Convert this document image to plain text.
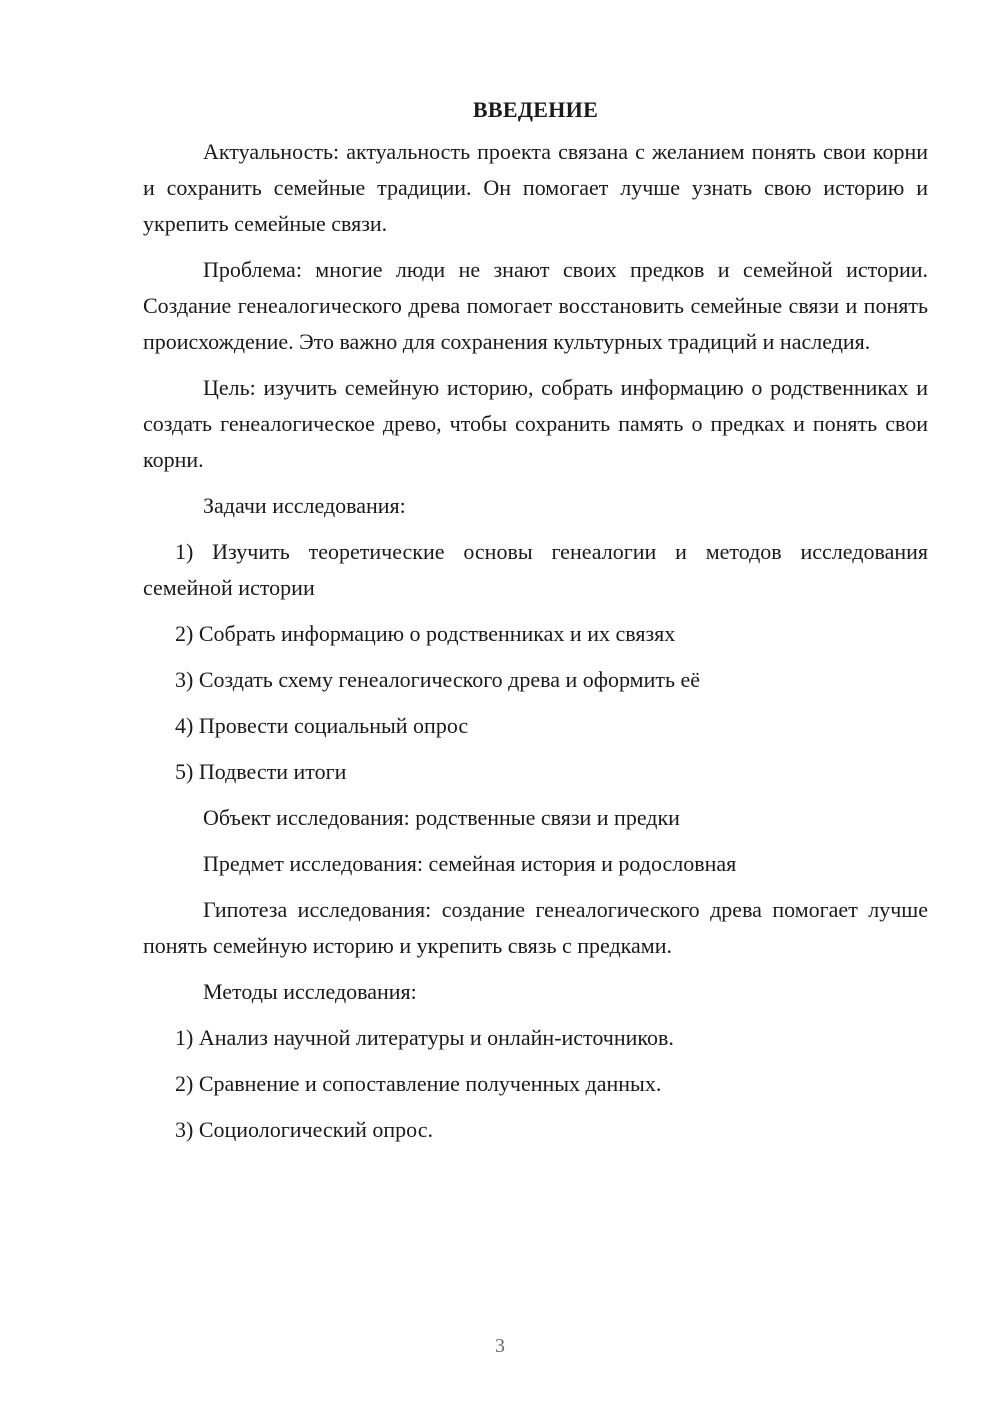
ВВЕДЕНИЕ

Актуальность: актуальность проекта связана с желанием понять свои корни и сохранить семейные традиции. Он помогает лучше узнать свою историю и укрепить семейные связи.

Проблема: многие люди не знают своих предков и семейной истории. Создание генеалогического древа помогает восстановить семейные связи и понять происхождение. Это важно для сохранения культурных традиций и наследия.

Цель: изучить семейную историю, собрать информацию о родственниках и создать генеалогическое древо, чтобы сохранить память о предках и понять свои корни.

Задачи исследования:

1) Изучить теоретические основы генеалогии и методов исследования семейной истории

2) Собрать информацию о родственниках и их связях

3) Создать схему генеалогического древа и оформить её

4) Провести социальный опрос

5) Подвести итоги

Объект исследования: родственные связи и предки

Предмет исследования: семейная история и родословная

Гипотеза исследования: создание генеалогического древа помогает лучше понять семейную историю и укрепить связь с предками.

Методы исследования:

1) Анализ научной литературы и онлайн-источников.

2) Сравнение и сопоставление полученных данных.

3) Социологический опрос.

3
